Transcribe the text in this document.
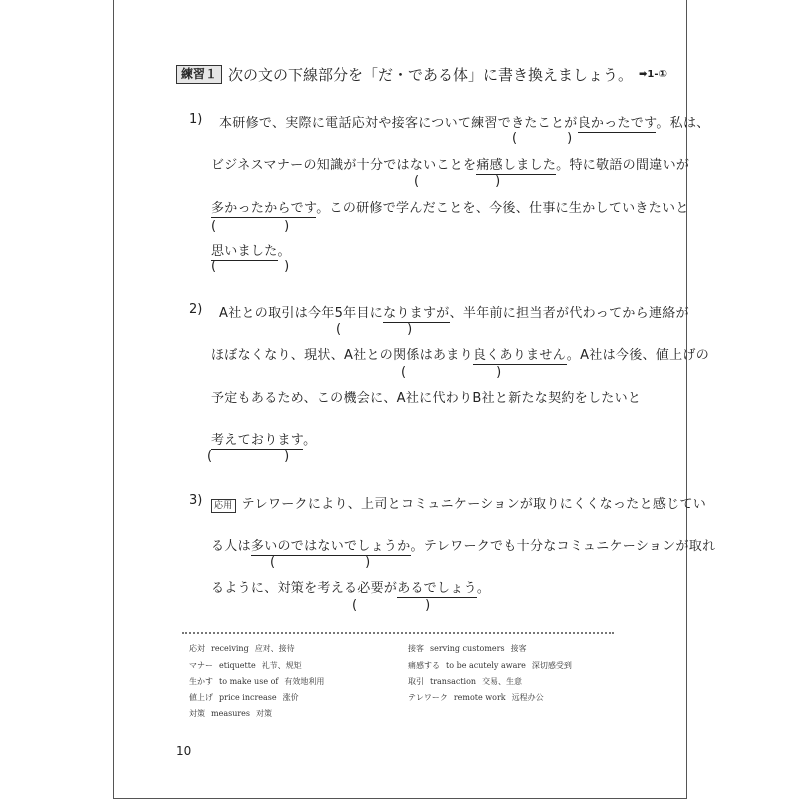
練習１ 次の文の下線部分を「だ・である体」に書き換えましょう。 ➡1-①
1) 本研修で、実際に電話応対や接客について練習できたことが良かったです。私は、
(	)
ビジネスマナーの知識が十分ではないことを痛感しました。特に敬語の間違いが
(	)
多かったからです。この研修で学んだことを、今後、仕事に生かしていきたいと
(	)
思いました。
(	)
2) A社との取引は今年5年目になりますが、半年前に担当者が代わってから連絡が
(	)
ほぼなくなり、現状、A社との関係はあまり良くありません。A社は今後、値上げの
(	)
予定もあるため、この機会に、A社に代わりB社と新たな契約をしたいと
考えております。
(	)
3)	応用 テレワークにより、上司とコミュニケーションが取りにくくなったと感じてい
る人は多いのではないでしょうか。テレワークでも十分なコミュニケーションが取れ
(	)
るように、対策を考える必要があるでしょう。
(	)
応対 receiving 应对、接待	接客 serving customers 接客
マナー etiquette 礼节、规矩	痛感する to be acutely aware 深切感受到
生かす to make use of 有效地利用	取引 transaction 交易、生意
値上げ price increase 涨价	テレワーク remote work 远程办公
対策 measures 对策
10
